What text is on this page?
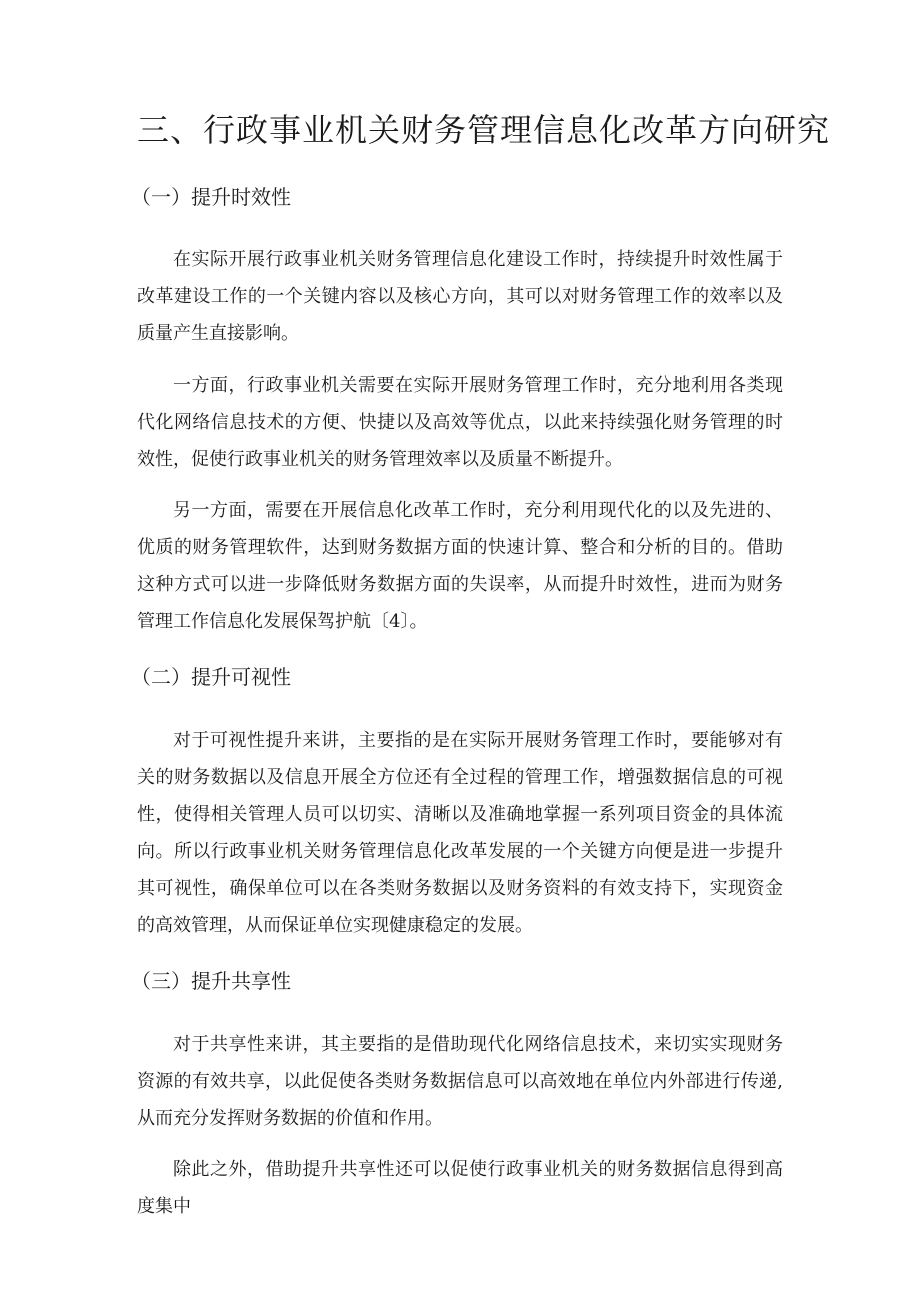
三、行政事业机关财务管理信息化改革方向研究
（一）提升时效性

在实际开展行政事业机关财务管理信息化建设工作时，持续提升时效性属于改革建设工作的一个关键内容以及核心方向，其可以对财务管理工作的效率以及质量产生直接影响。

一方面，行政事业机关需要在实际开展财务管理工作时，充分地利用各类现代化网络信息技术的方便、快捷以及高效等优点，以此来持续强化财务管理的时效性，促使行政事业机关的财务管理效率以及质量不断提升。

另一方面，需要在开展信息化改革工作时，充分利用现代化的以及先进的、优质的财务管理软件，达到财务数据方面的快速计算、整合和分析的目的。借助这种方式可以进一步降低财务数据方面的失误率，从而提升时效性，进而为财务管理工作信息化发展保驾护航〔4〕。

（二）提升可视性

对于可视性提升来讲，主要指的是在实际开展财务管理工作时，要能够对有关的财务数据以及信息开展全方位还有全过程的管理工作，增强数据信息的可视性，使得相关管理人员可以切实、清晰以及准确地掌握一系列项目资金的具体流向。所以行政事业机关财务管理信息化改革发展的一个关键方向便是进一步提升其可视性，确保单位可以在各类财务数据以及财务资料的有效支持下，实现资金的高效管理，从而保证单位实现健康稳定的发展。

（三）提升共享性

对于共享性来讲，其主要指的是借助现代化网络信息技术，来切实实现财务资源的有效共享，以此促使各类财务数据信息可以高效地在单位内外部进行传递,从而充分发挥财务数据的价值和作用。

除此之外，借助提升共享性还可以促使行政事业机关的财务数据信息得到高度集中
